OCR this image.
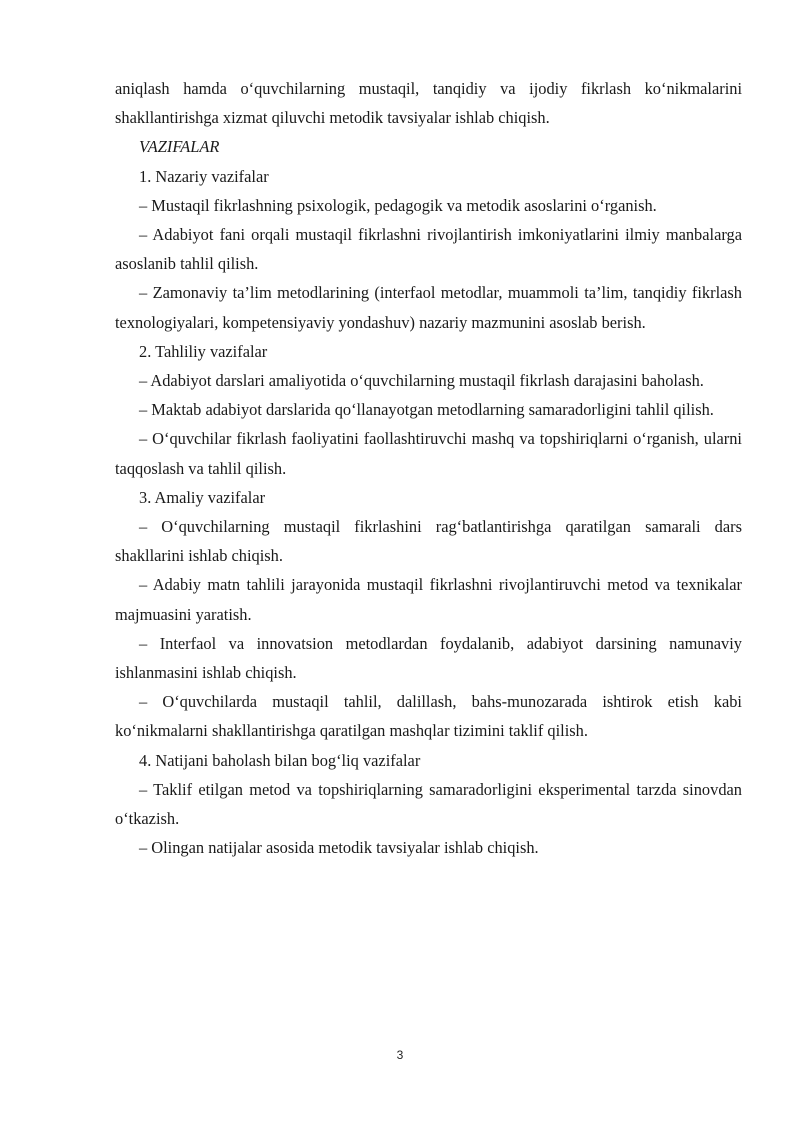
aniqlash hamda o‘quvchilarning mustaqil, tanqidiy va ijodiy fikrlash ko‘nikmalarini shakllantirishga xizmat qiluvchi metodik tavsiyalar ishlab chiqish.

VAZIFALAR

1. Nazariy vazifalar

– Mustaqil fikrlashning psixologik, pedagogik va metodik asoslarini o‘rganish.

– Adabiyot fani orqali mustaqil fikrlashni rivojlantirish imkoniyatlarini ilmiy manbalarga asoslanib tahlil qilish.

– Zamonaviy ta’lim metodlarining (interfaol metodlar, muammoli ta’lim, tanqidiy fikrlash texnologiyalari, kompetensiyaviy yondashuv) nazariy mazmunini asoslab berish.

2. Tahliliy vazifalar

– Adabiyot darslari amaliyotida o‘quvchilarning mustaqil fikrlash darajasini baholash.

– Maktab adabiyot darslarida qo‘llanayotgan metodlarning samaradorligini tahlil qilish.

– O‘quvchilar fikrlash faoliyatini faollashtiruvchi mashq va topshiriqlarni o‘rganish, ularni taqqoslash va tahlil qilish.

3. Amaliy vazifalar

– O‘quvchilarning mustaqil fikrlashini rag‘batlantirishga qaratilgan samarali dars shakllarini ishlab chiqish.

– Adabiy matn tahlili jarayonida mustaqil fikrlashni rivojlantiruvchi metod va texnikalar majmuasini yaratish.

– Interfaol va innovatsion metodlardan foydalanib, adabiyot darsining namunaviy ishlanmasini ishlab chiqish.

– O‘quvchilarda mustaqil tahlil, dalillash, bahs-munozarada ishtirok etish kabi ko‘nikmalarni shakllantirishga qaratilgan mashqlar tizimini taklif qilish.

4. Natijani baholash bilan bog‘liq vazifalar

– Taklif etilgan metod va topshiriqlarning samaradorligini eksperimental tarzda sinovdan o‘tkazish.

– Olingan natijalar asosida metodik tavsiyalar ishlab chiqish.

3
